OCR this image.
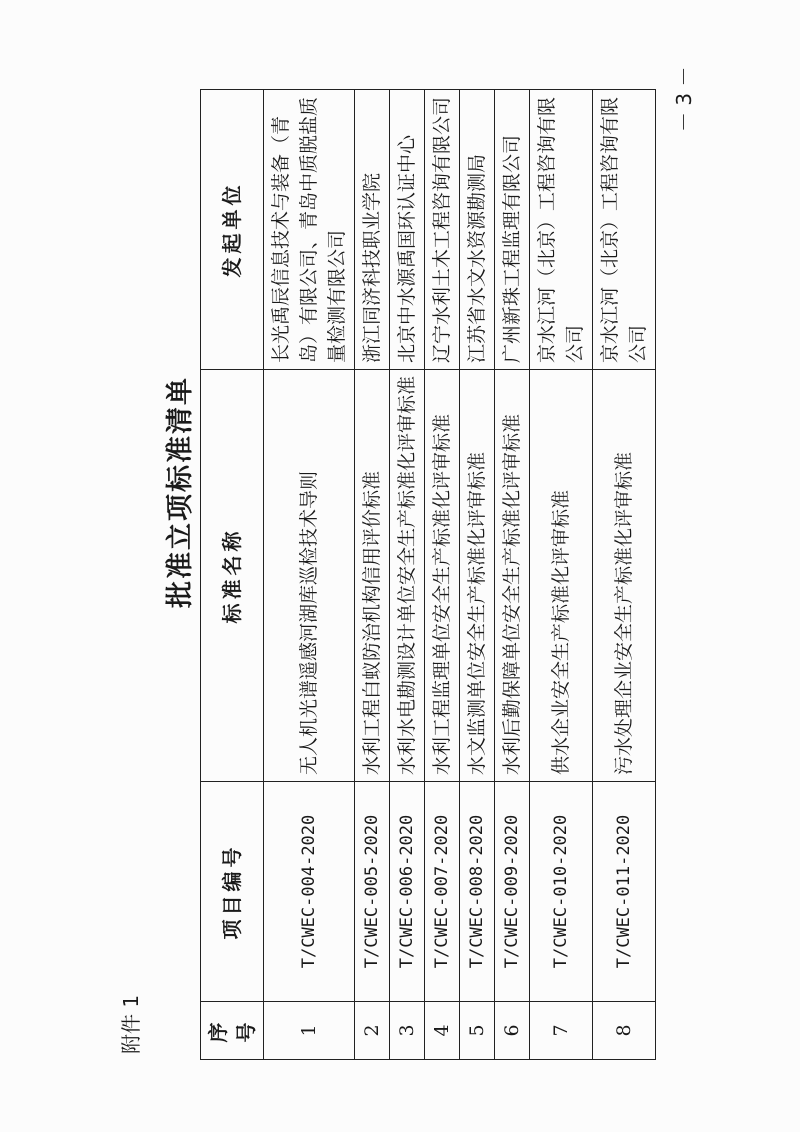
附件 1
批准立项标准清单
序号	项目编号	标准名称	发起单位
1	T/CWEC-004-2020	无人机光谱遥感河湖库巡检技术导则	长光禹辰信息技术与装备（青岛）有限公司、青岛中质脱盐质量检测有限公司
2	T/CWEC-005-2020	水利工程白蚁防治机构信用评价标准	浙江同济科技职业学院
3	T/CWEC-006-2020	水利水电勘测设计单位安全生产标准化评审标准	北京中水源禹国环认证中心
4	T/CWEC-007-2020	水利工程监理单位安全生产标准化评审标准	辽宁水利土木工程咨询有限公司
5	T/CWEC-008-2020	水文监测单位安全生产标准化评审标准	江苏省水文水资源勘测局
6	T/CWEC-009-2020	水利后勤保障单位安全生产标准化评审标准	广州新珠工程监理有限公司
7	T/CWEC-010-2020	供水企业安全生产标准化评审标准	京水江河（北京）工程咨询有限公司
8	T/CWEC-011-2020	污水处理企业安全生产标准化评审标准	京水江河（北京）工程咨询有限公司
－ 3 －
